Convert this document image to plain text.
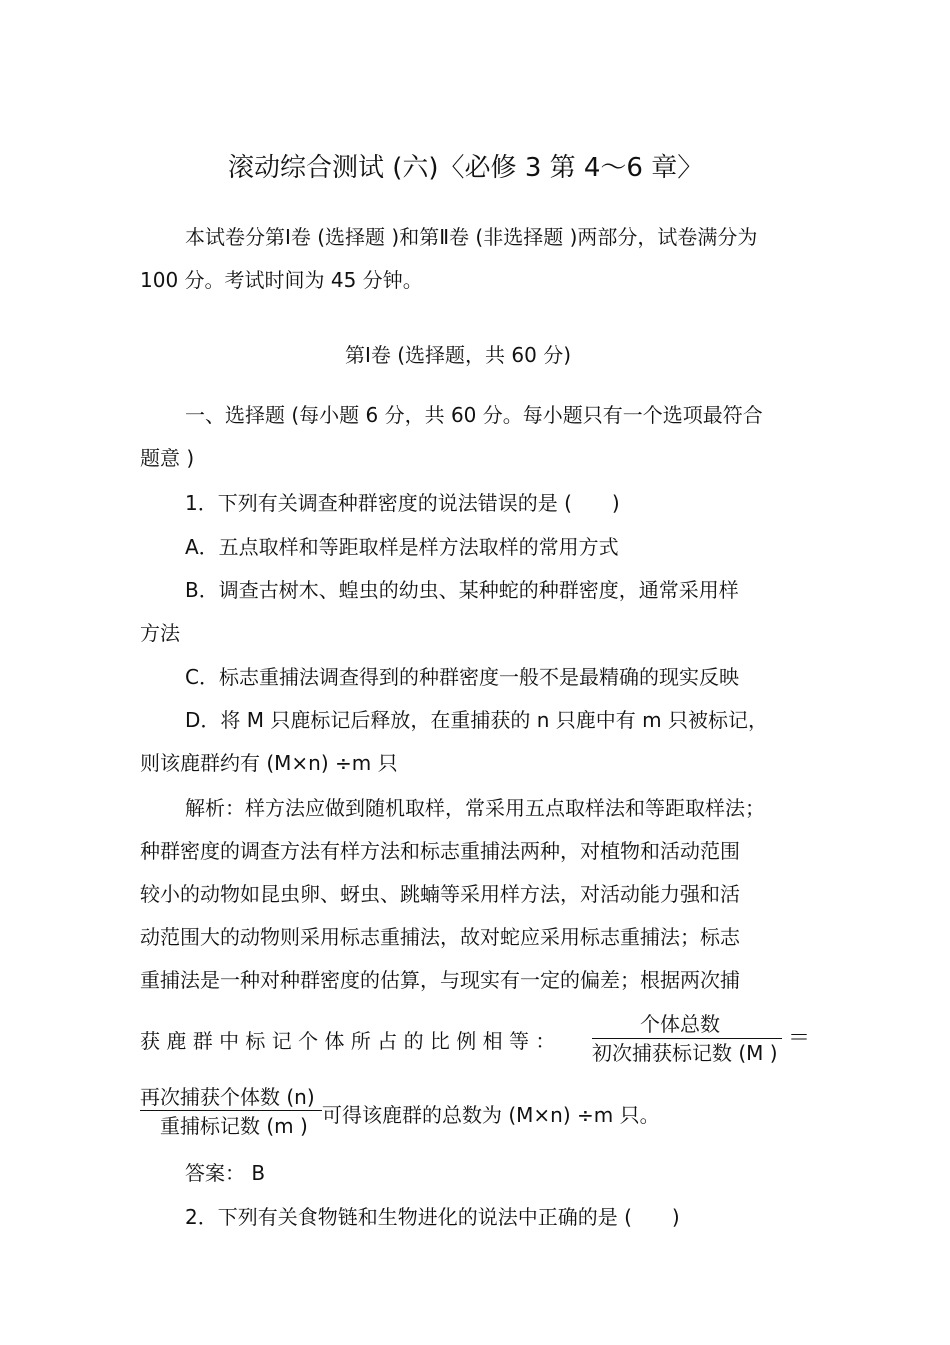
滚动综合测试 (六)〈必修 3 第 4～6 章〉
本试卷分第Ⅰ卷 (选择题 )和第Ⅱ卷 (非选择题 )两部分，试卷满分为
100 分。考试时间为 45 分钟。
第Ⅰ卷 (选择题，共 60 分)
一、选择题 (每小题 6 分，共 60 分。每小题只有一个选项最符合
题意 )
1．下列有关调查种群密度的说法错误的是 (　　)
A．五点取样和等距取样是样方法取样的常用方式
B．调查古树木、蝗虫的幼虫、某种蛇的种群密度，通常采用样
方法
C．标志重捕法调查得到的种群密度一般不是最精确的现实反映
D．将 M 只鹿标记后释放，在重捕获的 n 只鹿中有 m 只被标记，
则该鹿群约有 (M×n) ÷m 只
解析：样方法应做到随机取样，常采用五点取样法和等距取样法；
种群密度的调查方法有样方法和标志重捕法两种，对植物和活动范围
较小的动物如昆虫卵、蚜虫、跳蝻等采用样方法，对活动能力强和活
动范围大的动物则采用标志重捕法，故对蛇应采用标志重捕法；标志
重捕法是一种对种群密度的估算，与现实有一定的偏差；根据两次捕
获 鹿 群 中 标 记 个 体 所 占 的 比 例 相 等 ：
个体总数
初次捕获标记数 (M )
＝
再次捕获个体数 (n)
重捕标记数 (m ) 可得该鹿群的总数为 (M×n) ÷m 只。
答案： B
2．下列有关食物链和生物进化的说法中正确的是 (　　)
